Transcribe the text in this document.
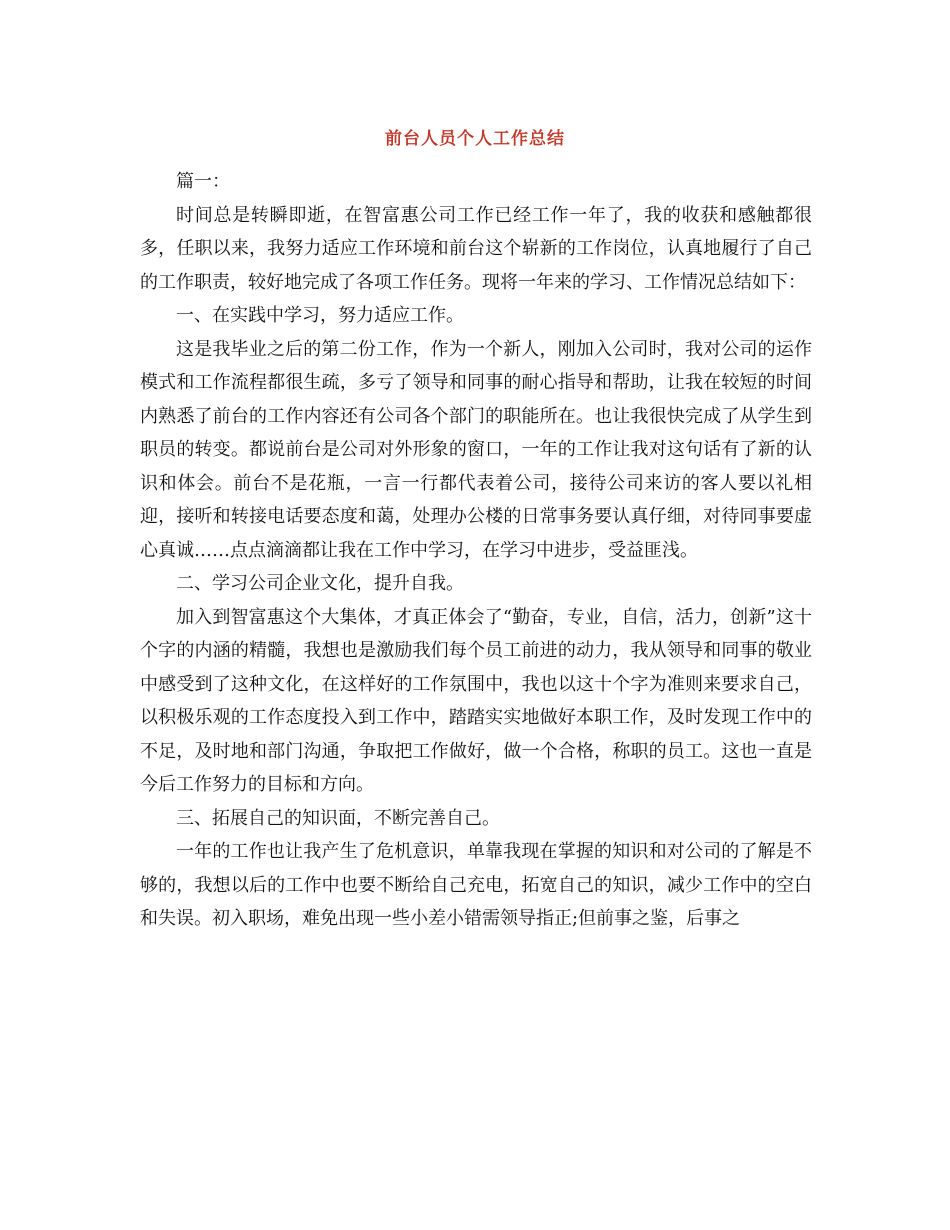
前台人员个人工作总结

篇一：

时间总是转瞬即逝，在智富惠公司工作已经工作一年了，我的收获和感触都很多，任职以来，我努力适应工作环境和前台这个崭新的工作岗位，认真地履行了自己的工作职责，较好地完成了各项工作任务。现将一年来的学习、工作情况总结如下：

一、在实践中学习，努力适应工作。

这是我毕业之后的第二份工作，作为一个新人，刚加入公司时，我对公司的运作模式和工作流程都很生疏，多亏了领导和同事的耐心指导和帮助，让我在较短的时间内熟悉了前台的工作内容还有公司各个部门的职能所在。也让我很快完成了从学生到职员的转变。都说前台是公司对外形象的窗口，一年的工作让我对这句话有了新的认识和体会。前台不是花瓶，一言一行都代表着公司，接待公司来访的客人要以礼相迎，接听和转接电话要态度和蔼，处理办公楼的日常事务要认真仔细，对待同事要虚心真诚……点点滴滴都让我在工作中学习，在学习中进步，受益匪浅。

二、学习公司企业文化，提升自我。

加入到智富惠这个大集体，才真正体会了“勤奋，专业，自信，活力，创新”这十个字的内涵的精髓，我想也是激励我们每个员工前进的动力，我从领导和同事的敬业中感受到了这种文化，在这样好的工作氛围中，我也以这十个字为准则来要求自己，以积极乐观的工作态度投入到工作中，踏踏实实地做好本职工作，及时发现工作中的不足，及时地和部门沟通，争取把工作做好，做一个合格，称职的员工。这也一直是今后工作努力的目标和方向。

三、拓展自己的知识面，不断完善自己。

一年的工作也让我产生了危机意识，单靠我现在掌握的知识和对公司的了解是不够的，我想以后的工作中也要不断给自己充电，拓宽自己的知识，减少工作中的空白和失误。初入职场，难免出现一些小差小错需领导指正;但前事之鉴，后事之
